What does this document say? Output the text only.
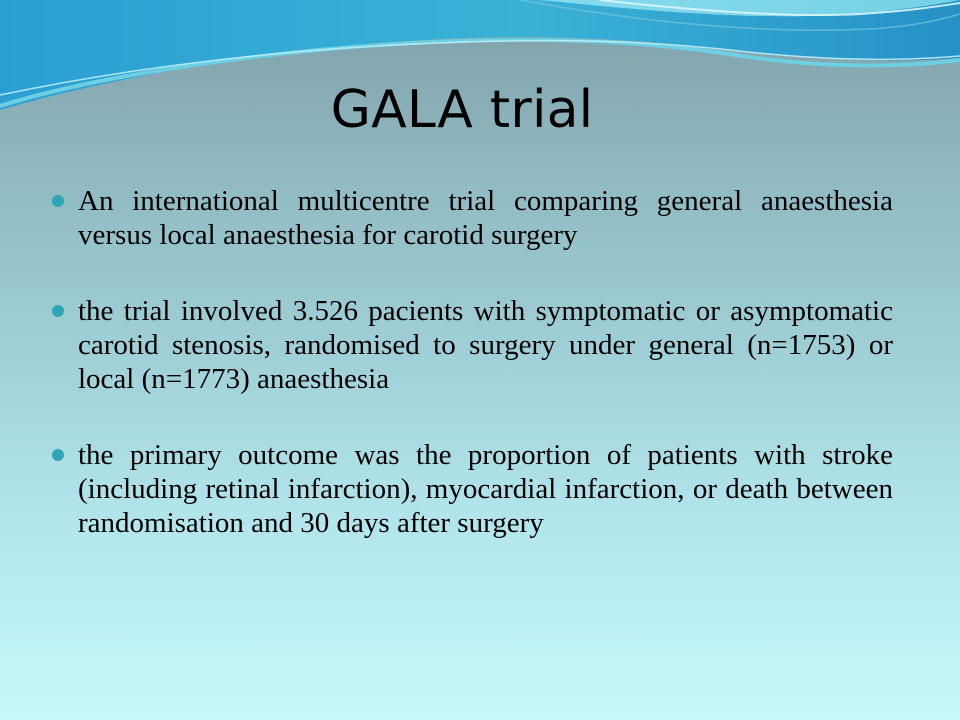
GALA trial
An international multicentre trial comparing general anaesthesia versus local anaesthesia for carotid surgery
the trial involved 3.526 pacients with symptomatic or asymptomatic carotid stenosis, randomised to surgery under general (n=1753) or local (n=1773) anaesthesia
the primary outcome was the proportion of patients with stroke (including retinal infarction), myocardial infarction, or death between randomisation and 30 days after surgery
